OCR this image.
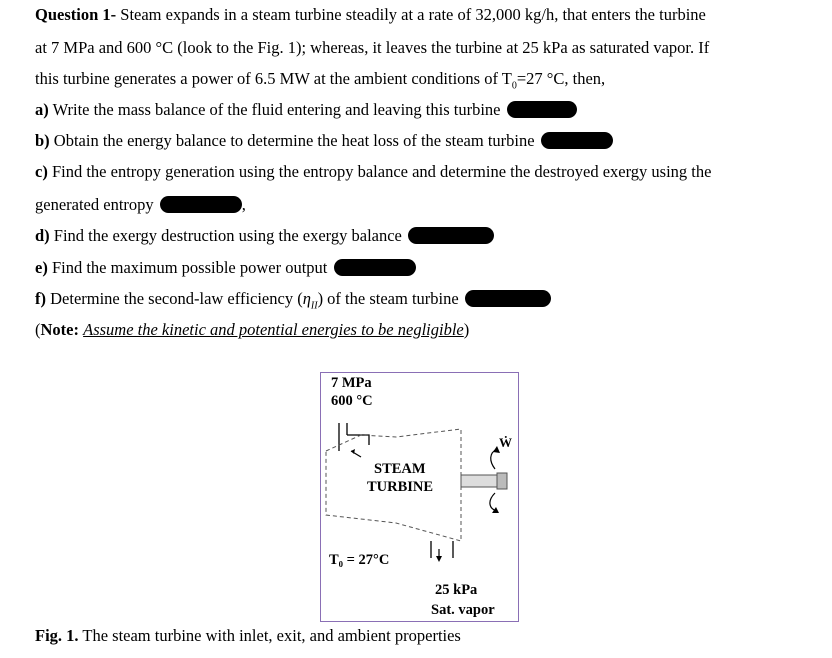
Question 1- Steam expands in a steam turbine steadily at a rate of 32,000 kg/h, that enters the turbine
at 7 MPa and 600 °C (look to the Fig. 1); whereas, it leaves the turbine at 25 kPa as saturated vapor. If
this turbine generates a power of 6.5 MW at the ambient conditions of $T_0=27$ °C, then,
a) Write the mass balance of the fluid entering and leaving this turbine
b) Obtain the energy balance to determine the heat loss of the steam turbine
c) Find the entropy generation using the entropy balance and determine the destroyed exergy using the
generated entropy	,
d) Find the exergy destruction using the exergy balance
e) Find the maximum possible power output
f) Determine the second-law efficiency $(\eta_{II})$ of the steam turbine
(Note: Assume the kinetic and potential energies to be negligible)
7 MPa
600 °C
STEAM
TURBINE
Ẇ
T₀ = 27°C
25 kPa
Sat. vapor
Fig. 1. The steam turbine with inlet, exit, and ambient properties
